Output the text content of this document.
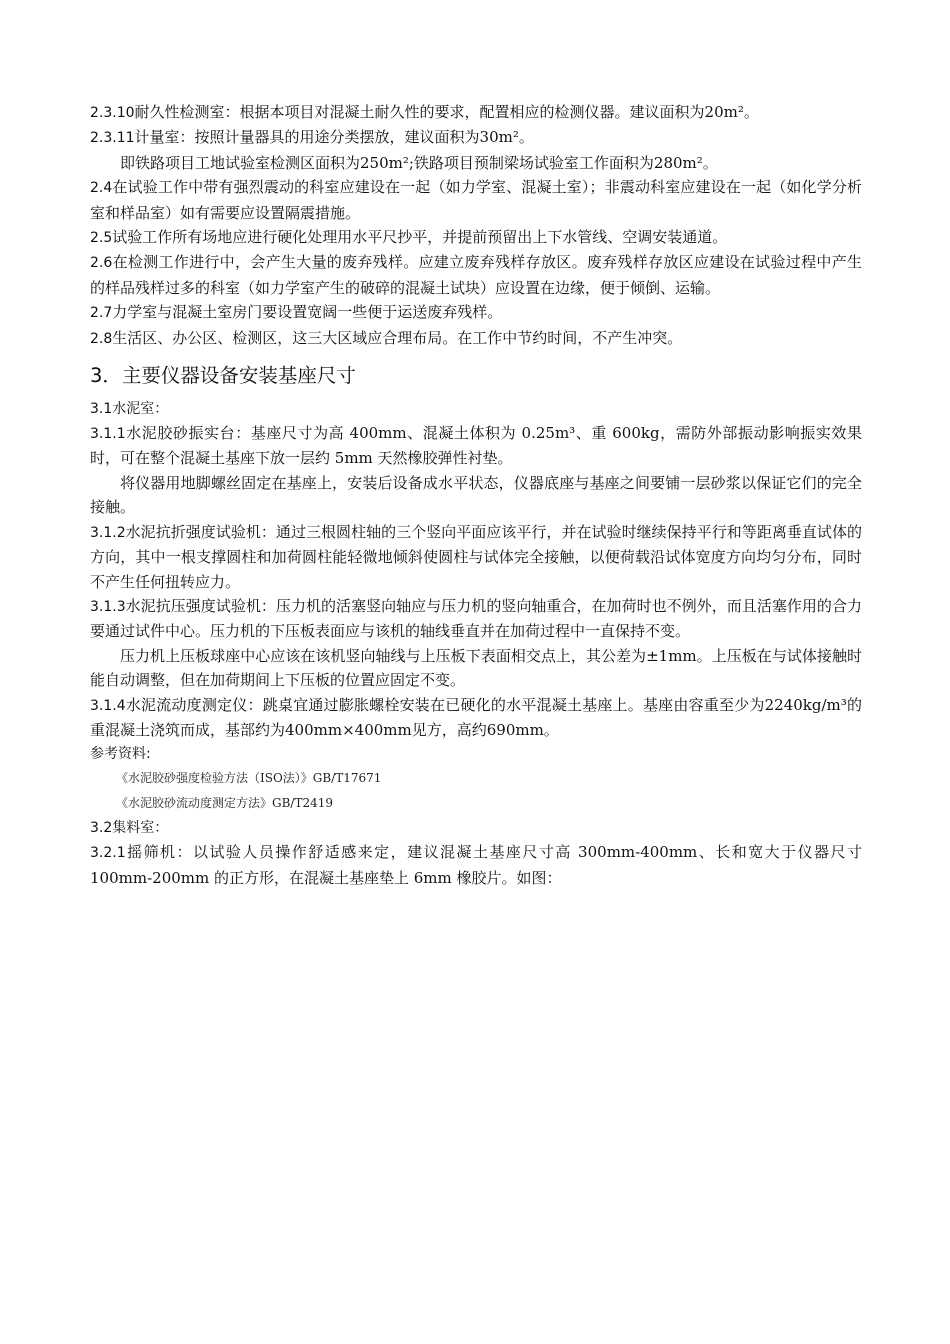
2.3.10耐久性检测室：根据本项目对混凝土耐久性的要求，配置相应的检测仪器。建议面积为20m²。

2.3.11计量室：按照计量器具的用途分类摆放，建议面积为30m²。

即铁路项目工地试验室检测区面积为250m²;铁路项目预制梁场试验室工作面积为280m²。

2.4在试验工作中带有强烈震动的科室应建设在一起（如力学室、混凝土室）；非震动科室应建设在一起（如化学分析室和样品室）如有需要应设置隔震措施。

2.5试验工作所有场地应进行硬化处理用水平尺抄平，并提前预留出上下水管线、空调安装通道。

2.6在检测工作进行中，会产生大量的废弃残样。应建立废弃残样存放区。废弃残样存放区应建设在试验过程中产生的样品残样过多的科室（如力学室产生的破碎的混凝土试块）应设置在边缘，便于倾倒、运输。

2.7力学室与混凝土室房门要设置宽阔一些便于运送废弃残样。

2.8生活区、办公区、检测区，这三大区域应合理布局。在工作中节约时间，不产生冲突。

3．主要仪器设备安装基座尺寸

3.1水泥室：

3.1.1水泥胶砂振实台：基座尺寸为高 400mm、混凝土体积为 0.25m³、重 600kg，需防外部振动影响振实效果时，可在整个混凝土基座下放一层约 5mm 天然橡胶弹性衬垫。

将仪器用地脚螺丝固定在基座上，安装后设备成水平状态，仪器底座与基座之间要铺一层砂浆以保证它们的完全接触。

3.1.2水泥抗折强度试验机：通过三根圆柱轴的三个竖向平面应该平行，并在试验时继续保持平行和等距离垂直试体的方向，其中一根支撑圆柱和加荷圆柱能轻微地倾斜使圆柱与试体完全接触，以便荷载沿试体宽度方向均匀分布，同时不产生任何扭转应力。

3.1.3水泥抗压强度试验机：压力机的活塞竖向轴应与压力机的竖向轴重合，在加荷时也不例外，而且活塞作用的合力要通过试件中心。压力机的下压板表面应与该机的轴线垂直并在加荷过程中一直保持不变。

压力机上压板球座中心应该在该机竖向轴线与上压板下表面相交点上，其公差为±1mm。上压板在与试体接触时能自动调整，但在加荷期间上下压板的位置应固定不变。

3.1.4水泥流动度测定仪：跳桌宜通过膨胀螺栓安装在已硬化的水平混凝土基座上。基座由容重至少为2240kg/m³的重混凝土浇筑而成，基部约为400mm×400mm见方，高约690mm。

参考资料:

《水泥胶砂强度检验方法（ISO法）》GB/T17671

《水泥胶砂流动度测定方法》GB/T2419

3.2集料室：

3.2.1摇筛机：以试验人员操作舒适感来定，建议混凝土基座尺寸高 300mm-400mm、长和宽大于仪器尺寸100mm-200mm 的正方形，在混凝土基座垫上 6mm 橡胶片。如图：
